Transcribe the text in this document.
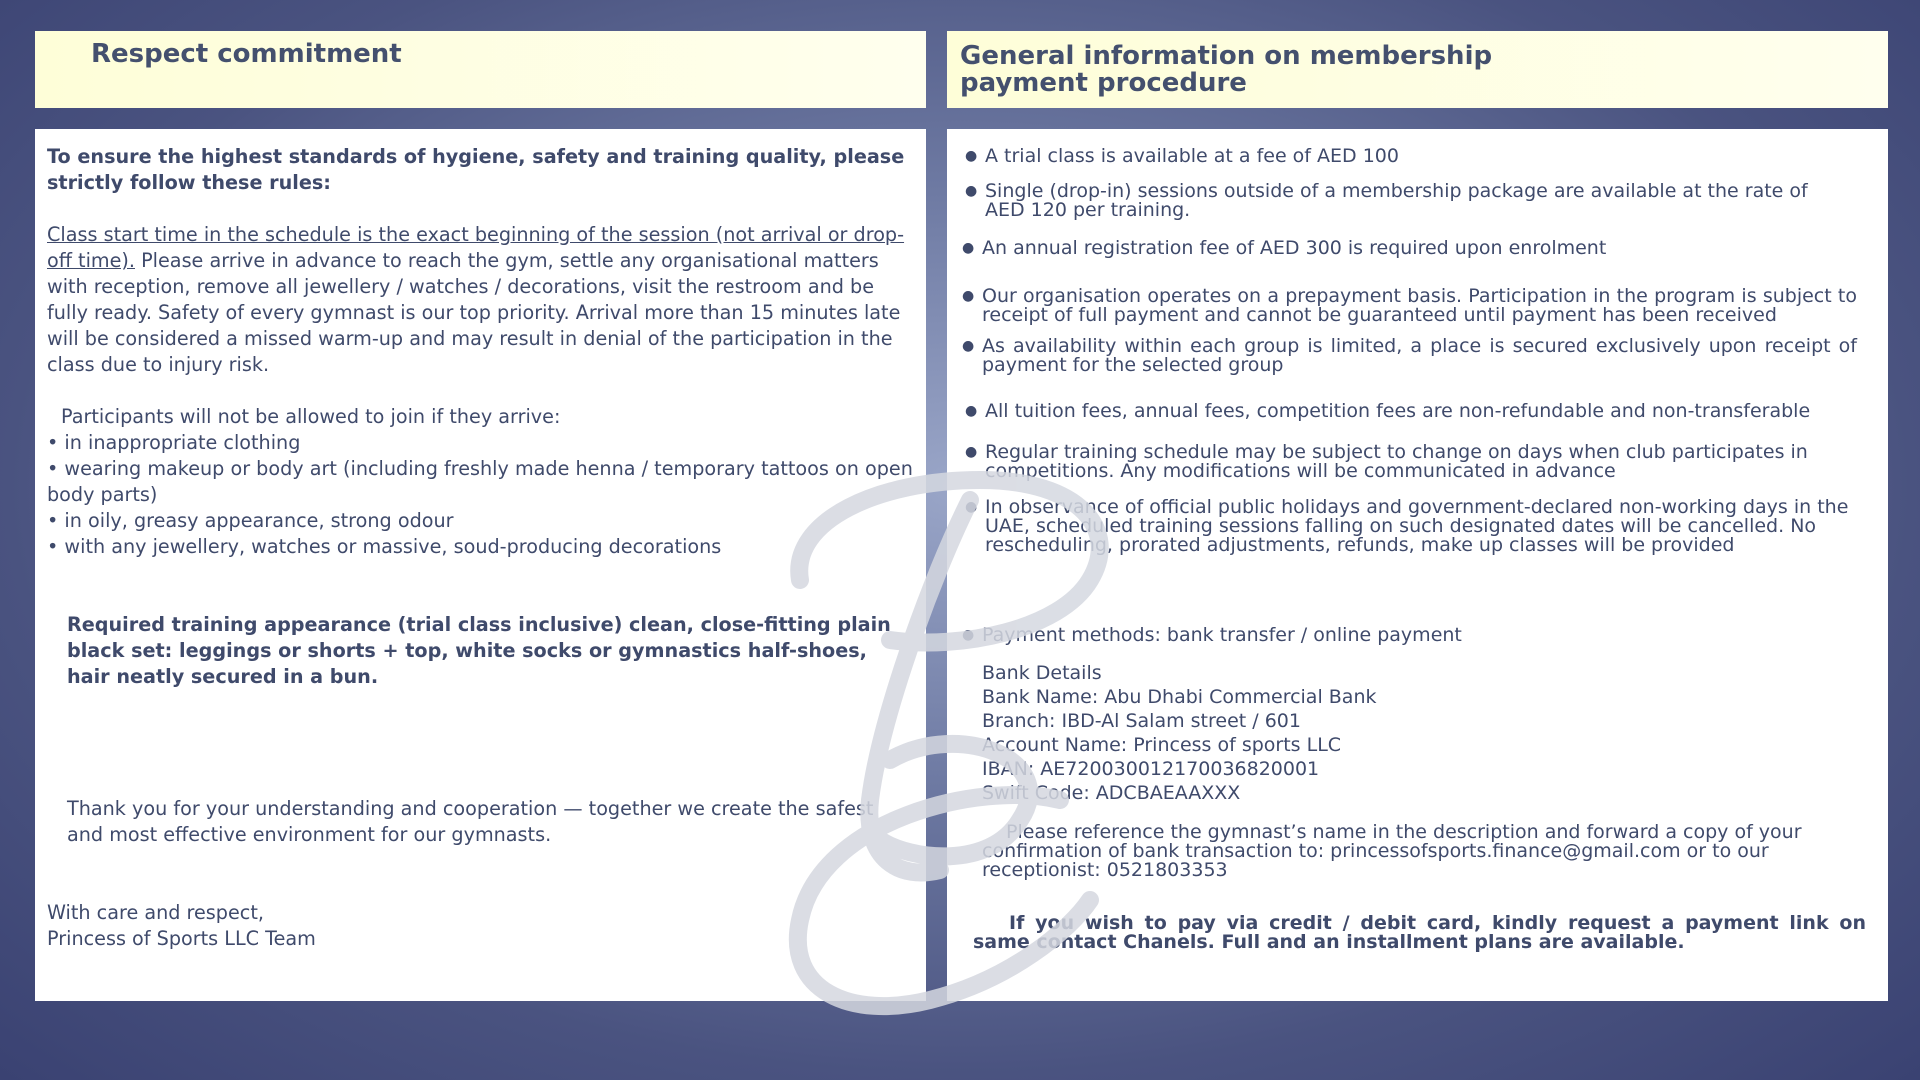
Respect commitment	General information on membership payment procedure

To ensure the highest standards of hygiene, safety and training quality, please strictly follow these rules:

Class start time in the schedule is the exact beginning of the session (not arrival or drop-off time). Please arrive in advance to reach the gym, settle any organisational matters with reception, remove all jewellery / watches / decorations, visit the restroom and be fully ready. Safety of every gymnast is our top priority. Arrival more than 15 minutes late will be considered a missed warm-up and may result in denial of the participation in the class due to injury risk.

Participants will not be allowed to join if they arrive:

• in inappropriate clothing
• wearing makeup or body art (including freshly made henna / temporary tattoos on open body parts)
• in oily, greasy appearance, strong odour
• with any jewellery, watches or massive, soud-producing decorations

Required training appearance (trial class inclusive) clean, close-fitting plain black set: leggings or shorts + top, white socks or gymnastics half-shoes, hair neatly secured in a bun.

Thank you for your understanding and cooperation — together we create the safest and most effective environment for our gymnasts.

With care and respect,
Princess of Sports LLC Team

● A trial class is available at a fee of AED 100
● Single (drop-in) sessions outside of a membership package are available at the rate of AED 120 per training.
● An annual registration fee of AED 300 is required upon enrolment
● Our organisation operates on a prepayment basis. Participation in the program is subject to receipt of full payment and cannot be guaranteed until payment has been received
● As availability within each group is limited, a place is secured exclusively upon receipt of payment for the selected group
● All tuition fees, annual fees, competition fees are non-refundable and non-transferable
● Regular training schedule may be subject to change on days when club participates in competitions. Any modifications will be communicated in advance
● In observance of official public holidays and government-declared non-working days in the UAE, scheduled training sessions falling on such designated dates will be cancelled. No rescheduling, prorated adjustments, refunds, make up classes will be provided
● Payment methods: bank transfer / online payment
Bank Details
Bank Name: Abu Dhabi Commercial Bank
Branch: IBD-Al Salam street / 601
Account Name: Princess of sports LLC
IBAN: AE720030012170036820001
Swift Code: ADCBAEAAXXX
Please reference the gymnast’s name in the description and forward a copy of your confirmation of bank transaction to: princessofsports.finance@gmail.com or to our receptionist: 0521803353
If you wish to pay via credit / debit card, kindly request a payment link on same contact Chanels. Full and an installment plans are available.
